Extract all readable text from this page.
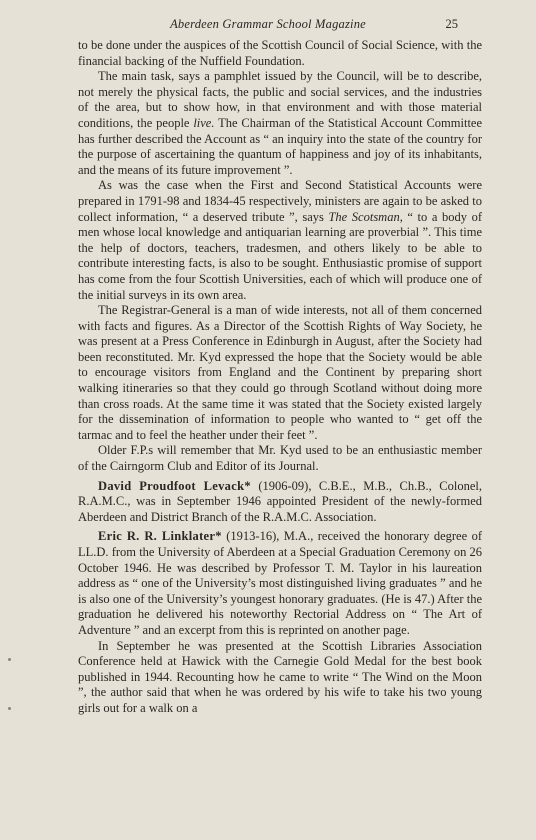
Aberdeen Grammar School Magazine	25

to be done under the auspices of the Scottish Council of Social Science, with the financial backing of the Nuffield Foundation.

The main task, says a pamphlet issued by the Council, will be to describe, not merely the physical facts, the public and social services, and the industries of the area, but to show how, in that environment and with those material conditions, the people live. The Chairman of the Statistical Account Committee has further described the Account as “ an inquiry into the state of the country for the purpose of ascertaining the quantum of happiness and joy of its inhabitants, and the means of its future improvement ”.

As was the case when the First and Second Statistical Accounts were prepared in 1791-98 and 1834-45 respectively, ministers are again to be asked to collect information, “ a deserved tribute ”, says The Scotsman, “ to a body of men whose local knowledge and antiquarian learning are proverbial ”. This time the help of doctors, teachers, tradesmen, and others likely to be able to contribute interesting facts, is also to be sought. Enthusiastic promise of support has come from the four Scottish Universities, each of which will produce one of the initial surveys in its own area.

The Registrar-General is a man of wide interests, not all of them concerned with facts and figures. As a Director of the Scottish Rights of Way Society, he was present at a Press Conference in Edinburgh in August, after the Society had been reconstituted. Mr. Kyd expressed the hope that the Society would be able to encourage visitors from England and the Continent by preparing short walking itineraries so that they could go through Scotland without doing more than cross roads. At the same time it was stated that the Society existed largely for the dissemination of information to people who wanted to “ get off the tarmac and to feel the heather under their feet ”.

Older F.P.s will remember that Mr. Kyd used to be an enthusiastic member of the Cairngorm Club and Editor of its Journal.

David Proudfoot Levack* (1906-09), C.B.E., M.B., Ch.B., Colonel, R.A.M.C., was in September 1946 appointed President of the newly-formed Aberdeen and District Branch of the R.A.M.C. Association.

Eric R. R. Linklater* (1913-16), M.A., received the honorary degree of LL.D. from the University of Aberdeen at a Special Graduation Ceremony on 26 October 1946. He was described by Professor T. M. Taylor in his laureation address as “ one of the University’s most distinguished living graduates ” and he is also one of the University’s youngest honorary graduates. (He is 47.) After the graduation he delivered his noteworthy Rectorial Address on “ The Art of Adventure ” and an excerpt from this is reprinted on another page.

In September he was presented at the Scottish Libraries Association Conference held at Hawick with the Carnegie Gold Medal for the best book published in 1944. Recounting how he came to write “ The Wind on the Moon ”, the author said that when he was ordered by his wife to take his two young girls out for a walk on a
